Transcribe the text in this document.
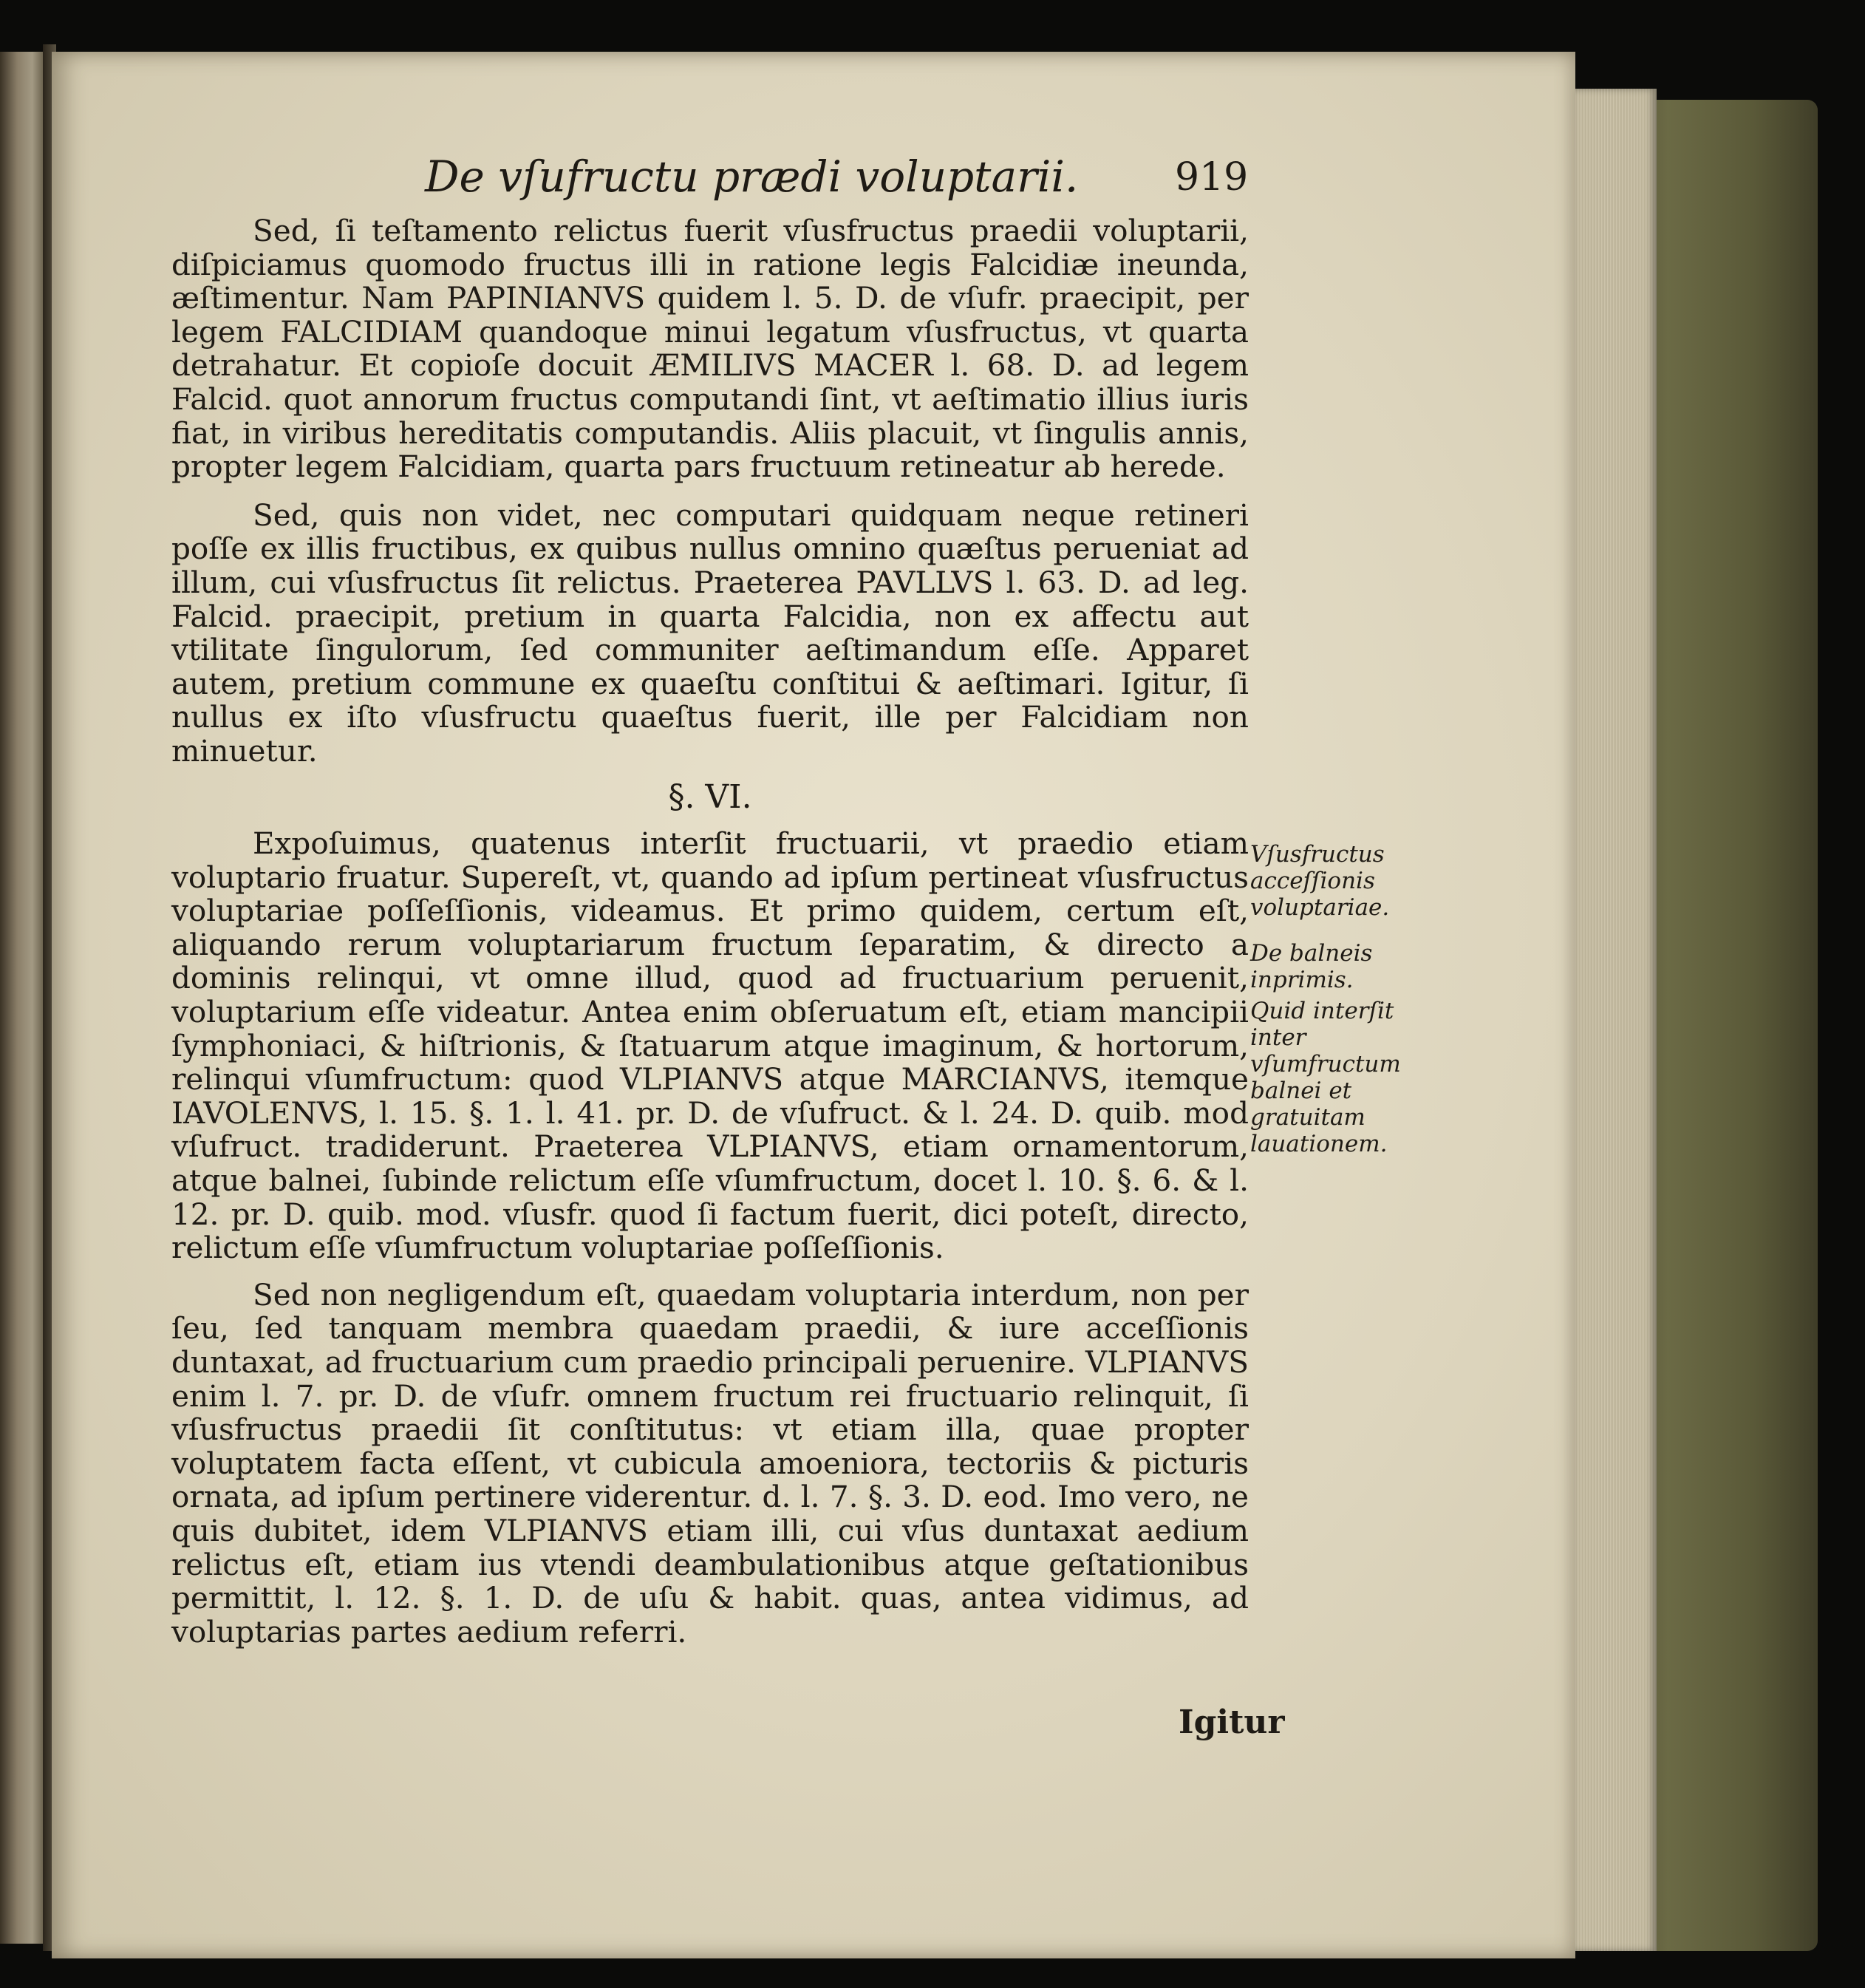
De vſufructu prædi voluptarii.	919

Sed, ſi teſtamento relictus fuerit vſusfructus praedii voluptarii, diſpiciamus quomodo fructus illi in ratione legis Falcidiæ ineunda, æſtimentur. Nam PAPINIANVS quidem l. 5. D. de vſufr. praecipit, per legem FALCIDIAM quandoque minui legatum vſusfructus, vt quarta detrahatur. Et copioſe docuit ÆMILIVS MACER l. 68. D. ad legem Falcid. quot annorum fructus computandi ſint, vt aeſtimatio illius iuris fiat, in viribus hereditatis computandis. Aliis placuit, vt ſingulis annis, propter legem Falcidiam, quarta pars fructuum retineatur ab herede.

Sed, quis non videt, nec computari quidquam neque retineri poſſe ex illis fructibus, ex quibus nullus omnino quæſtus perueniat ad illum, cui vſusfructus ſit relictus. Praeterea PAVLLVS l. 63. D. ad leg. Falcid. praecipit, pretium in quarta Falcidia, non ex affectu aut vtilitate ſingulorum, ſed communiter aeſtimandum eſſe. Apparet autem, pretium commune ex quaeſtu conſtitui & aeſtimari. Igitur, ſi nullus ex iſto vſusfructu quaeſtus fuerit, ille per Falcidiam non minuetur.

§. VI.

Expoſuimus, quatenus interſit fructuarii, vt praedio etiam voluptario fruatur. Supereſt, vt, quando ad ipſum pertineat vſusfructus voluptariae poſſeſſionis, videamus. Et primo quidem, certum eſt, aliquando rerum voluptariarum fructum ſeparatim, & directo a dominis relinqui, vt omne illud, quod ad fructuarium peruenit, voluptarium eſſe videatur. Antea enim obſeruatum eſt, etiam mancipii ſymphoniaci, & hiſtrionis, & ſtatuarum atque imaginum, & hortorum, relinqui vſumfructum: quod VLPIANVS atque MARCIANVS, itemque IAVOLENVS, l. 15. §. 1. l. 41. pr. D. de vſufruct. & l. 24. D. quib. mod vſufruct. tradiderunt. Praeterea VLPIANVS, etiam ornamentorum, atque balnei, ſubinde relictum eſſe vſumfructum, docet l. 10. §. 6. & l. 12. pr. D. quib. mod. vſusfr. quod ſi factum fuerit, dici poteſt, directo, relictum eſſe vſumfructum voluptariae poſſeſſionis.

Sed non negligendum eſt, quaedam voluptaria interdum, non per ſeu, ſed tanquam membra quaedam praedii, & iure acceſſionis duntaxat, ad fructuarium cum praedio principali peruenire. VLPIANVS enim l. 7. pr. D. de vſufr. omnem fructum rei fructuario relinquit, ſi vſusfructus praedii ſit conſtitutus: vt etiam illa, quae propter voluptatem facta eſſent, vt cubicula amoeniora, tectoriis & picturis ornata, ad ipſum pertinere viderentur. d. l. 7. §. 3. D. eod. Imo vero, ne quis dubitet, idem VLPIANVS etiam illi, cui vſus duntaxat aedium relictus eſt, etiam ius vtendi deambulationibus atque geſtationibus permittit, l. 12. §. 1. D. de uſu & habit. quas, antea vidimus, ad voluptarias partes aedium referri.

Vſusfructus acceſſionis voluptariae.
De balneis inprimis.
Quid interſit inter vſumfructum balnei et gratuitam lauationem.
Igitur
